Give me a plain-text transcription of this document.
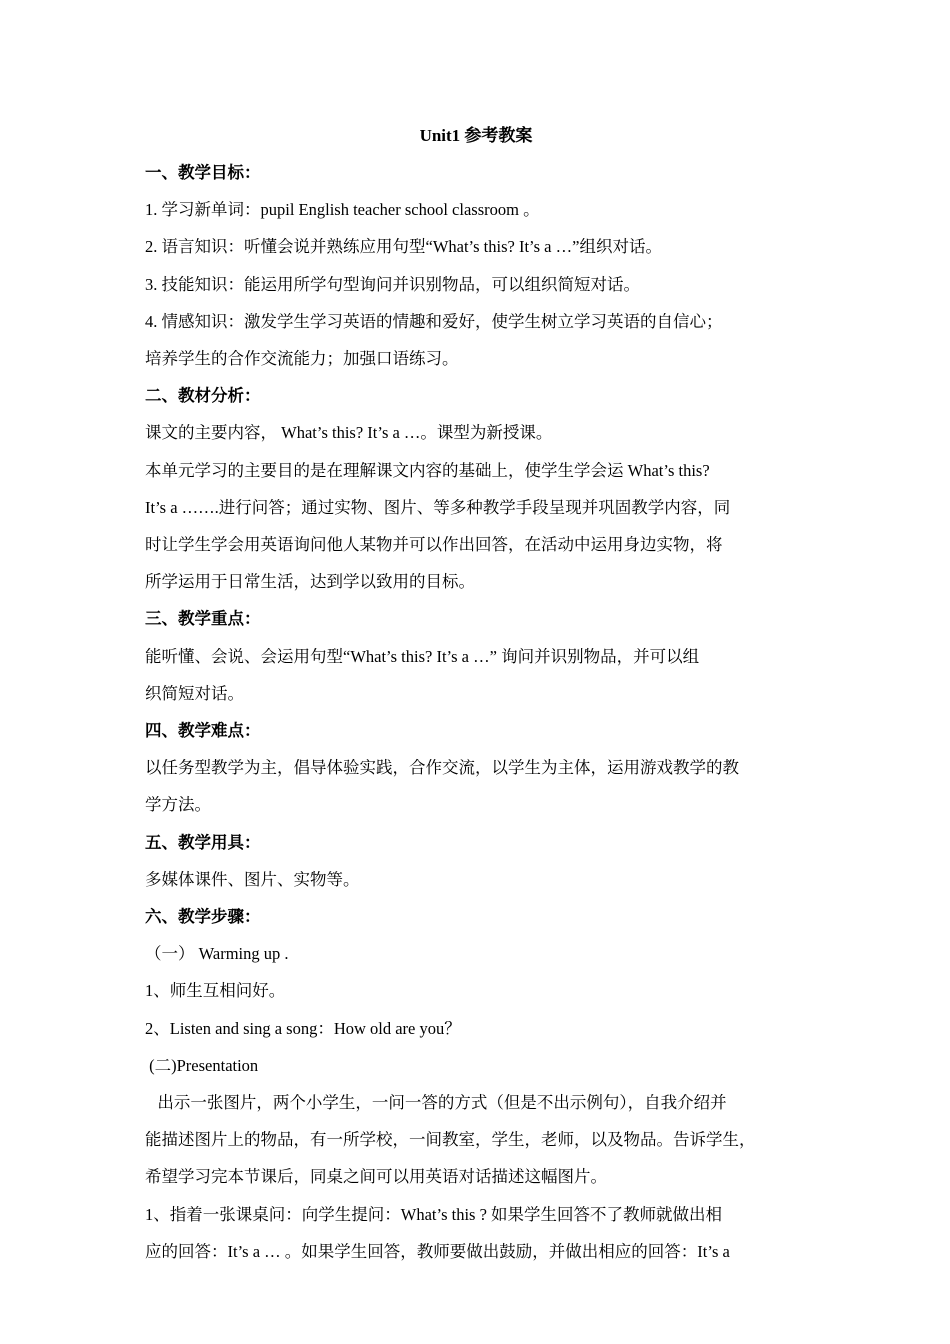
Unit1 参考教案

一、教学目标：

1. 学习新单词：pupil English teacher school classroom 。

2. 语言知识：听懂会说并熟练应用句型“What’s this? It’s a …”组织对话。

3. 技能知识：能运用所学句型询问并识别物品，可以组织简短对话。

4. 情感知识：激发学生学习英语的情趣和爱好，使学生树立学习英语的自信心；

培养学生的合作交流能力；加强口语练习。

二、教材分析：

课文的主要内容， What’s this? It’s a …。课型为新授课。

本单元学习的主要目的是在理解课文内容的基础上，使学生学会运 What’s this?

It’s a …….进行问答；通过实物、图片、等多种教学手段呈现并巩固教学内容，同

时让学生学会用英语询问他人某物并可以作出回答，在活动中运用身边实物，将

所学运用于日常生活，达到学以致用的目标。

三、教学重点：

能听懂、会说、会运用句型“What’s this? It’s a …” 询问并识别物品，并可以组

织简短对话。

四、教学难点：

以任务型教学为主，倡导体验实践，合作交流，以学生为主体，运用游戏教学的教

学方法。

五、教学用具：

多媒体课件、图片、实物等。

六、教学步骤：

（一） Warming up .

1、师生互相问好。

2、Listen and sing a song：How old are you？

(二)Presentation

出示一张图片，两个小学生，一问一答的方式（但是不出示例句），自我介绍并

能描述图片上的物品，有一所学校，一间教室，学生，老师，以及物品。告诉学生，

希望学习完本节课后，同桌之间可以用英语对话描述这幅图片。

1、指着一张课桌问：向学生提问：What’s this ? 如果学生回答不了教师就做出相

应的回答：It’s a … 。如果学生回答，教师要做出鼓励，并做出相应的回答：It’s a
